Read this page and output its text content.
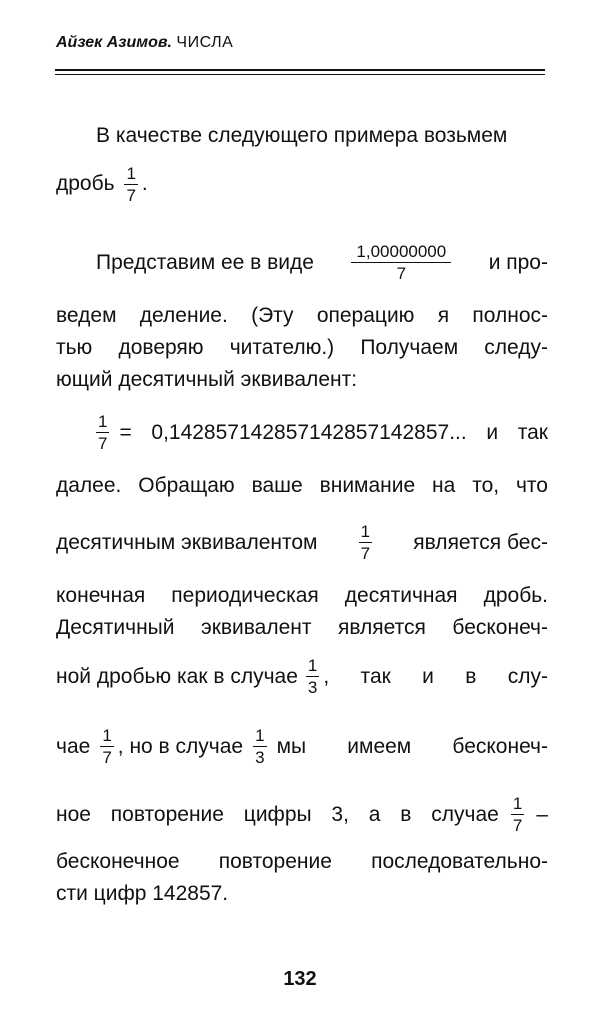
Айзек Азимов. ЧИСЛА
В качестве следующего примера возьмем
дробь $\frac{1}{7}$ .
Представим ее в виде $\frac{1,00000000}{7}$ и про-
ведем деление. (Эту операцию я полнос-
тью доверяю читателю.) Получаем следу-
ющий десятичный эквивалент:
$\frac{1}{7} = 0,142857142857142857142857$... и так
далее. Обращаю ваше внимание на то, что
десятичным эквивалентом $\frac{1}{7}$ является бес-
конечная периодическая десятичная дробь.
Десятичный эквивалент является бесконеч-
ной дробью как в случае $\frac{1}{3}$ , так и в слу-
чае $\frac{1}{7}$ , но в случае $\frac{1}{3}$ мы имеем бесконеч-
ное повторение цифры 3, а в случае $\frac{1}{7}$ –
бесконечное повторение последовательно-
сти цифр 142857.
132
